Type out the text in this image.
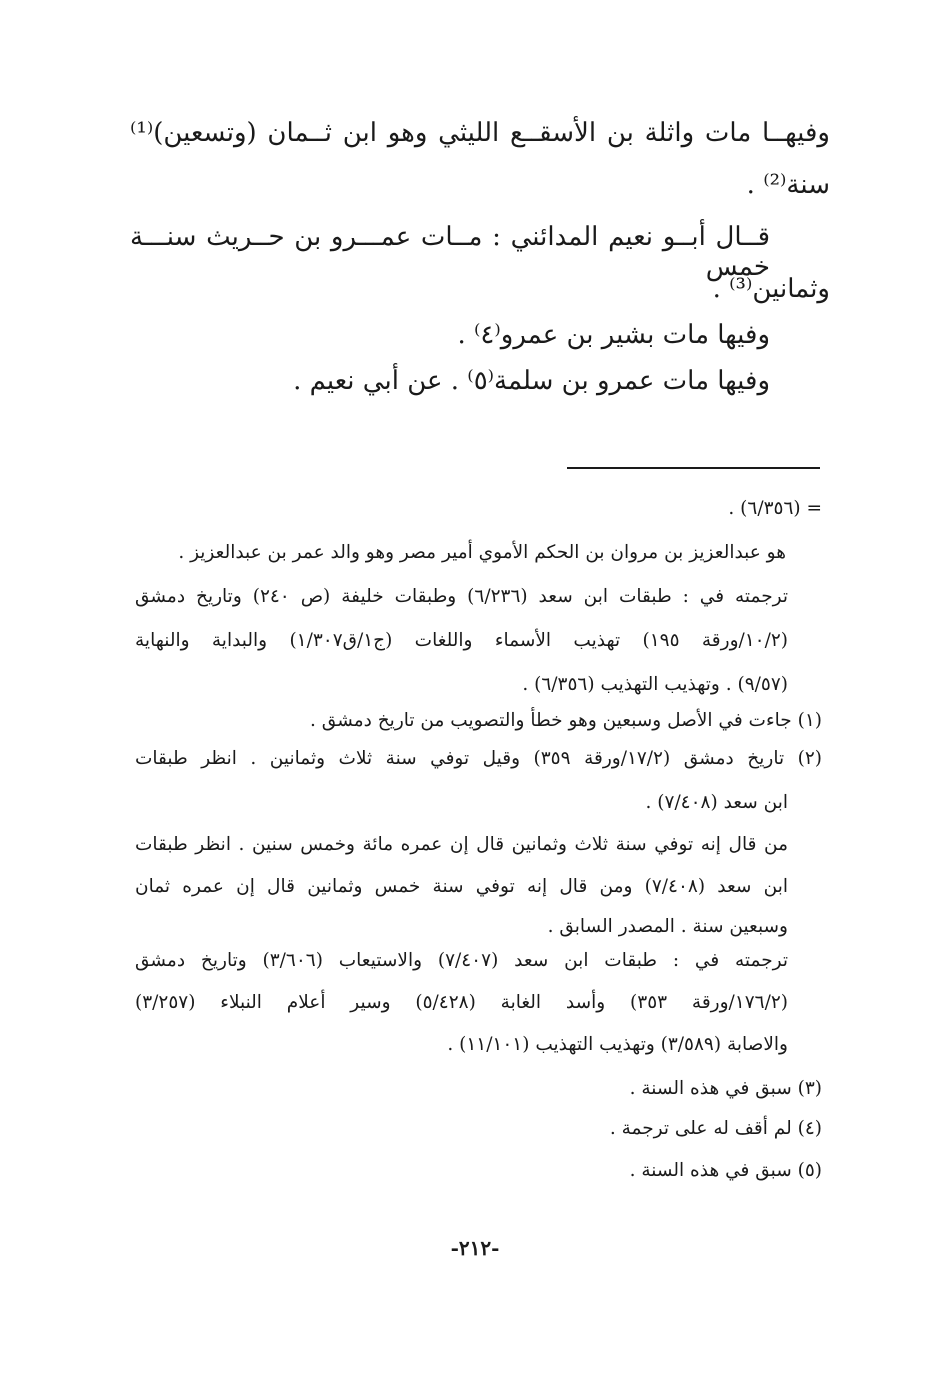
وفيهــا مات واثلة بن الأسقــع الليثي وهو ابن ثــمان (وتسعين)⁽¹⁾
سنة⁽²⁾ .
قــال أبــو نعيم المدائني : مــات عمـــرو بن حــريث سنـــة خمس
وثمانين⁽³⁾ .
وفيها مات بشير بن عمرو⁽٤⁾ .
وفيها مات عمرو بن سلمة⁽٥⁾ . عن أبي نعيم .
= (٦/٣٥٦) .
هو عبدالعزيز بن مروان بن الحكم الأموي أمير مصر وهو والد عمر بن عبدالعزيز .
ترجمته في : طبقات ابن سعد (٦/٢٣٦) وطبقات خليفة (ص ٢٤٠) وتاريخ دمشق
(١٠/٢/ورقة ١٩٥) تهذيب الأسماء واللغات (ج١/ق١/٣٠٧) والبداية والنهاية
(٩/٥٧) . وتهذيب التهذيب (٦/٣٥٦) .
(١) جاءت في الأصل وسبعين وهو خطأ والتصويب من تاريخ دمشق .
(٢) تاريخ دمشق (١٧/٢/ورقة ٣٥٩) وقيل توفي سنة ثلاث وثمانين . انظر طبقات
ابن سعد (٧/٤٠٨) .
من قال إنه توفي سنة ثلاث وثمانين قال إن عمره مائة وخمس سنين . انظر طبقات
ابن سعد (٧/٤٠٨) ومن قال إنه توفي سنة خمس وثمانين قال إن عمره ثمان
وسبعين سنة . المصدر السابق .
ترجمته في : طبقات ابن سعد (٧/٤٠٧) والاستيعاب (٣/٦٠٦) وتاريخ دمشق
(١٧٦/٢/ورقة ٣٥٣) وأسد الغابة (٥/٤٢٨) وسير أعلام النبلاء (٣/٢٥٧)
والاصابة (٣/٥٨٩) وتهذيب التهذيب (١١/١٠١) .
(٣) سبق في هذه السنة .
(٤) لم أقف له على ترجمة .
(٥) سبق في هذه السنة .
-٢١٢-
